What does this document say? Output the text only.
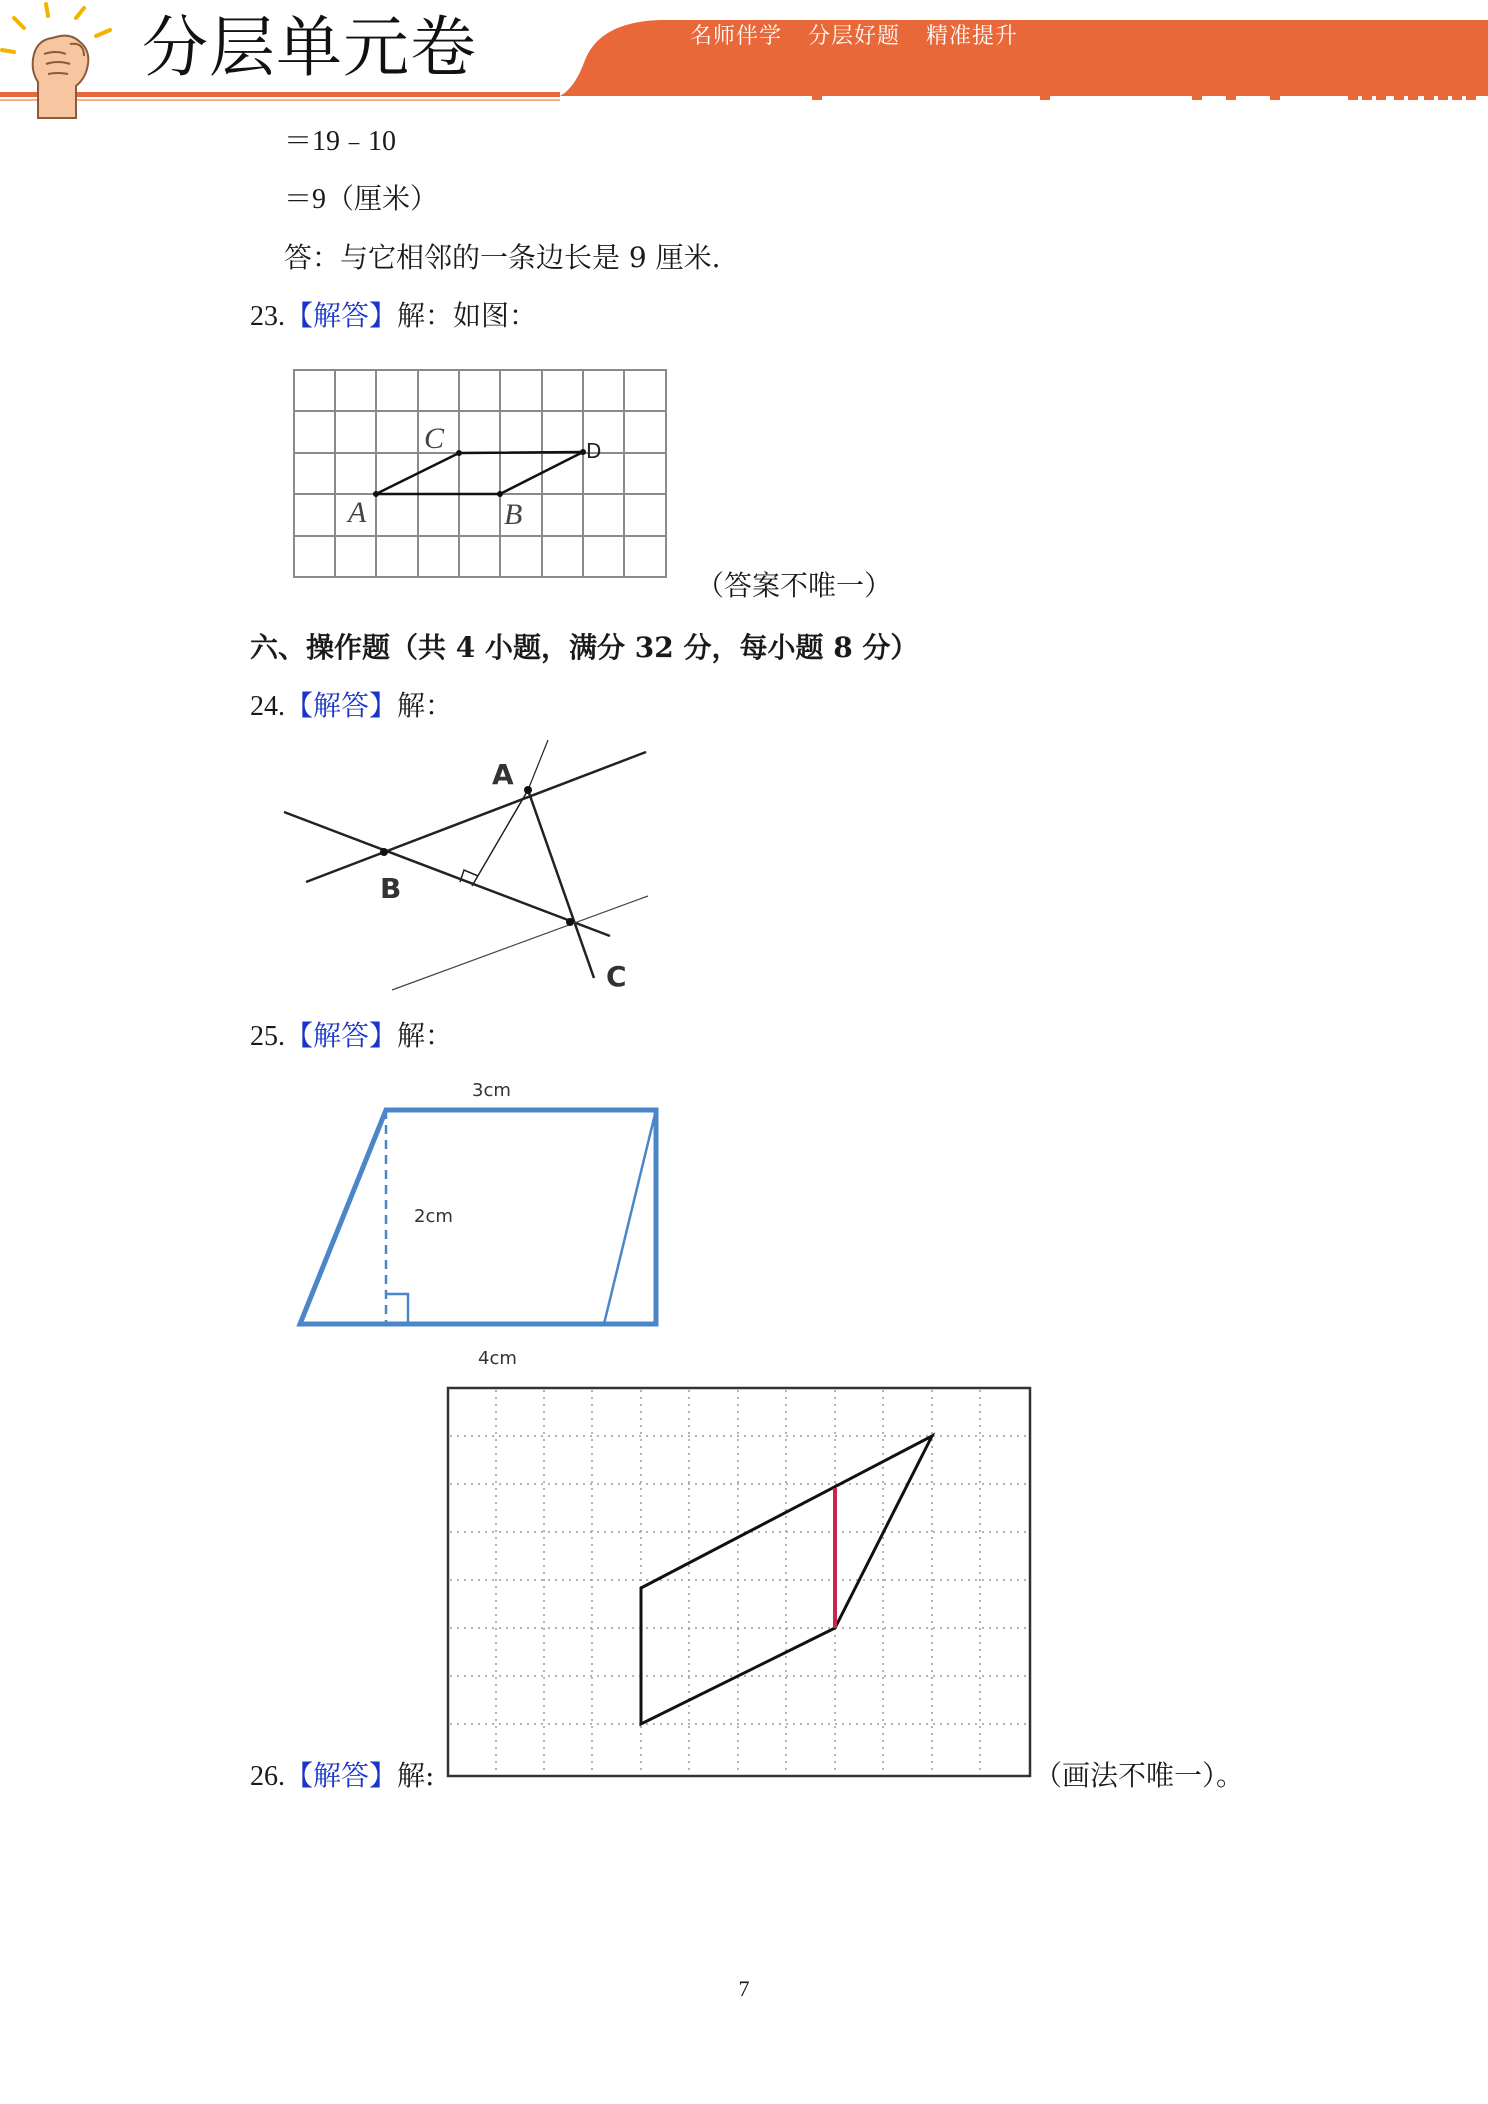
分层单元卷	名师伴学 分层好题 精准提升
＝19﹣10
＝9（厘米）
答：与它相邻的一条边长是 9 厘米.
23.【解答】解：如图：
A	B
C	D
（答案不唯一）
六、操作题（共 4 小题，满分 32 分，每小题 8 分）
24.【解答】解：
A
B
C
25.【解答】解：
3cm
2cm
4cm
26.【解答】解:	（画法不唯一）。
7
